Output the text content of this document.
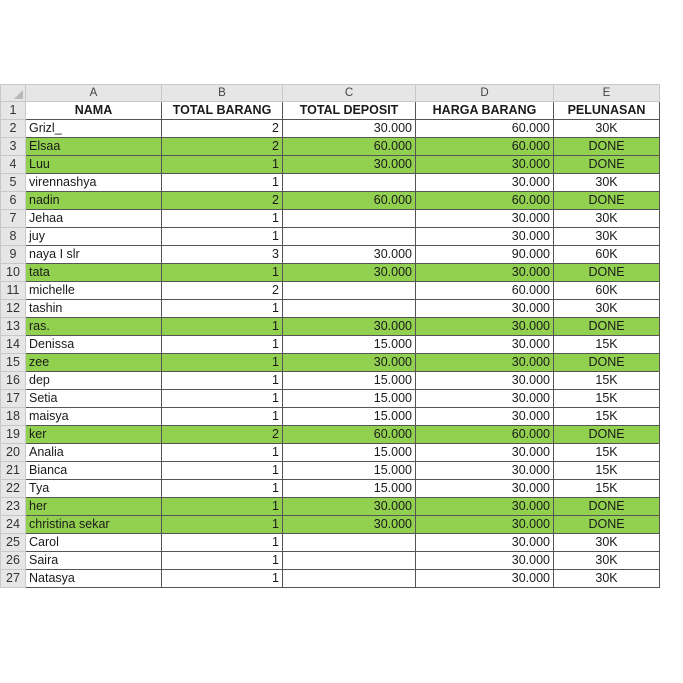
	A	B	C	D	E
1	NAMA	TOTAL BARANG	TOTAL DEPOSIT	HARGA BARANG	PELUNASAN
2	Grizl_	2	30.000	60.000	30K
3	Elsaa	2	60.000	60.000	DONE
4	Luu	1	30.000	30.000	DONE
5	virennashya	1		30.000	30K
6	nadin	2	60.000	60.000	DONE
7	Jehaa	1		30.000	30K
8	juy	1		30.000	30K
9	naya I slr	3	30.000	90.000	60K
10	tata	1	30.000	30.000	DONE
11	michelle	2		60.000	60K
12	tashin	1		30.000	30K
13	ras.	1	30.000	30.000	DONE
14	Denissa	1	15.000	30.000	15K
15	zee	1	30.000	30.000	DONE
16	dep	1	15.000	30.000	15K
17	Setia	1	15.000	30.000	15K
18	maisya	1	15.000	30.000	15K
19	ker	2	60.000	60.000	DONE
20	Analia	1	15.000	30.000	15K
21	Bianca	1	15.000	30.000	15K
22	Tya	1	15.000	30.000	15K
23	her	1	30.000	30.000	DONE
24	christina sekar	1	30.000	30.000	DONE
25	Carol	1		30.000	30K
26	Saira	1		30.000	30K
27	Natasya	1		30.000	30K
